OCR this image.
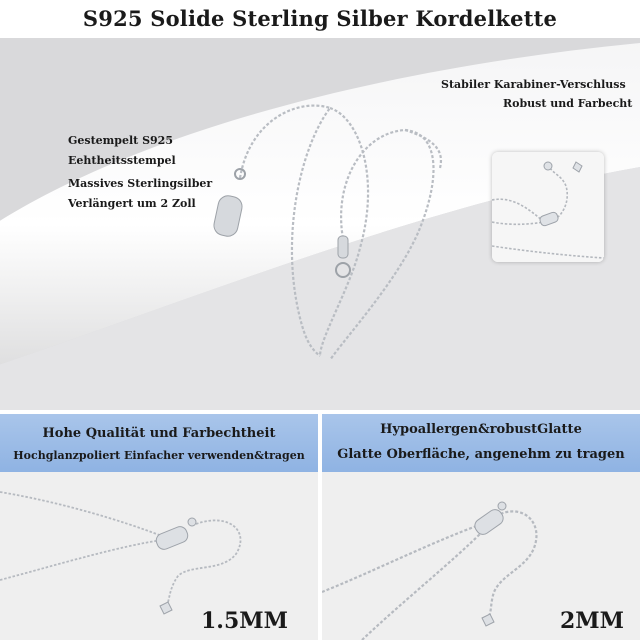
S925 Solide Sterling Silber Kordelkette
Gestempelt S925
Eehtheitsstempel
Massives Sterlingsilber
Verlängert um 2 Zoll
Stabiler Karabiner-Verschluss
Robust und Farbecht
Hohe Qualität und Farbechtheit
Hochglanzpoliert Einfacher verwenden&tragen
1.5MM
Hypoallergen&robustGlatte
Glatte Oberfläche, angenehm zu tragen
2MM
